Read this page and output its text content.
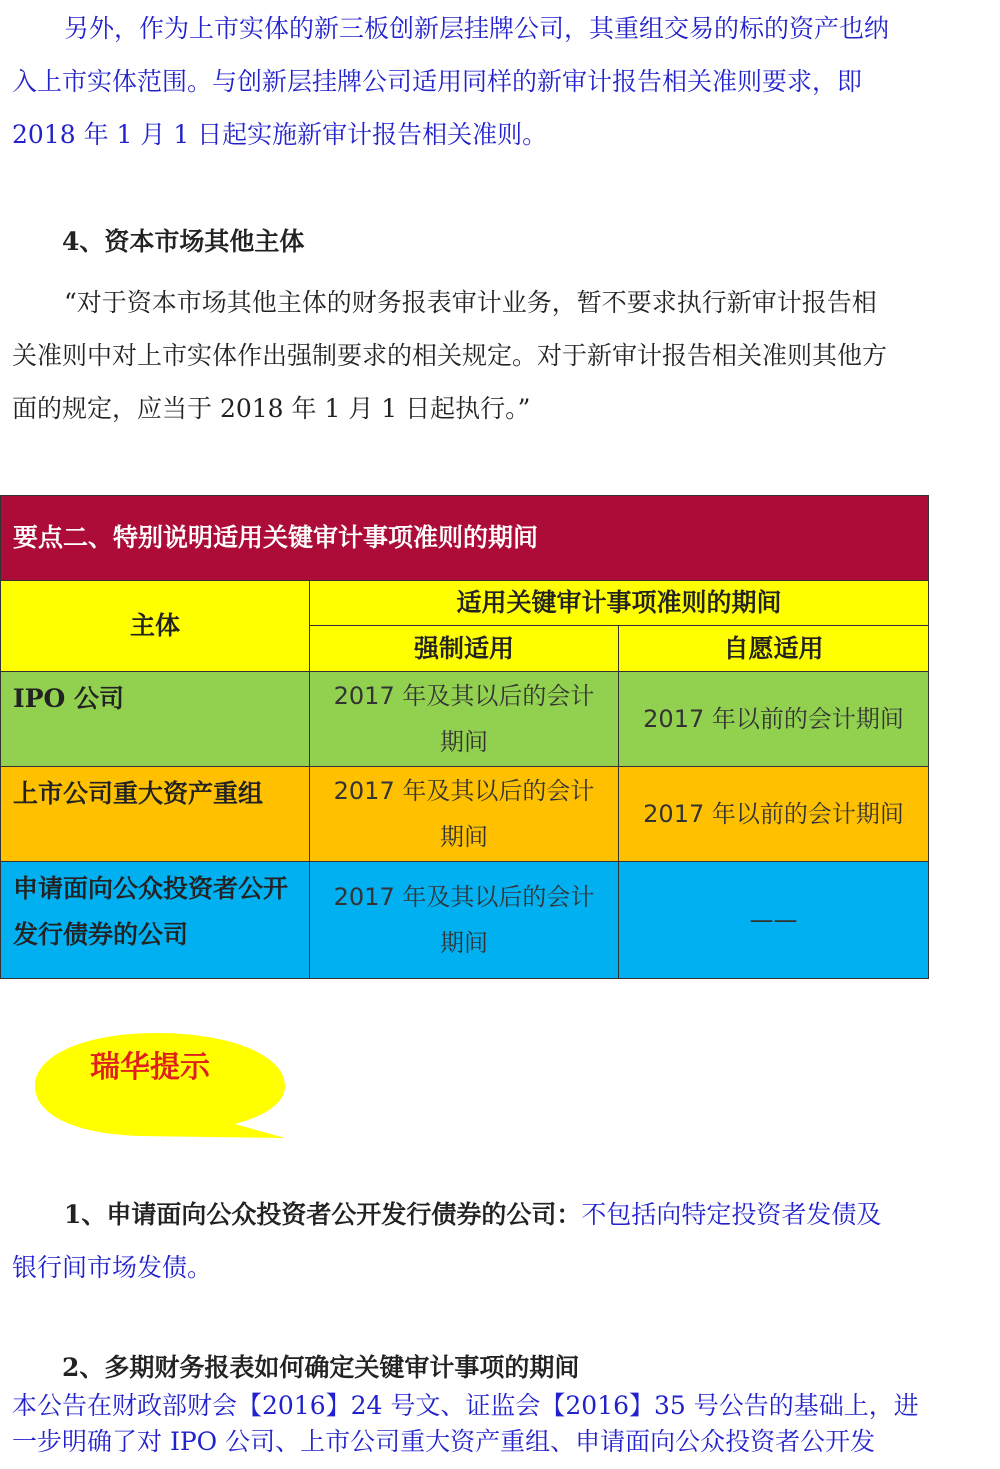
另外，作为上市实体的新三板创新层挂牌公司，其重组交易的标的资产也纳
入上市实体范围。与创新层挂牌公司适用同样的新审计报告相关准则要求，即
2018 年 1 月 1 日起实施新审计报告相关准则。

4、资本市场其他主体

“对于资本市场其他主体的财务报表审计业务，暂不要求执行新审计报告相
关准则中对上市实体作出强制要求的相关规定。对于新审计报告相关准则其他方
面的规定，应当于 2018 年 1 月 1 日起执行。”

要点二、特别说明适用关键审计事项准则的期间		
主体	适用关键审计事项准则的期间	
	强制适用	自愿适用
IPO 公司	2017 年及其以后的会计期间	2017 年以前的会计期间
上市公司重大资产重组	2017 年及其以后的会计期间	2017 年以前的会计期间
申请面向公众投资者公开发行债券的公司	2017 年及其以后的会计期间	——
瑞华提示

1、申请面向公众投资者公开发行债券的公司：不包括向特定投资者发债及
银行间市场发债。

2、多期财务报表如何确定关键审计事项的期间

本公告在财政部财会【2016】24 号文、证监会【2016】35 号公告的基础上，进
一步明确了对 IPO 公司、上市公司重大资产重组、申请面向公众投资者公开发
